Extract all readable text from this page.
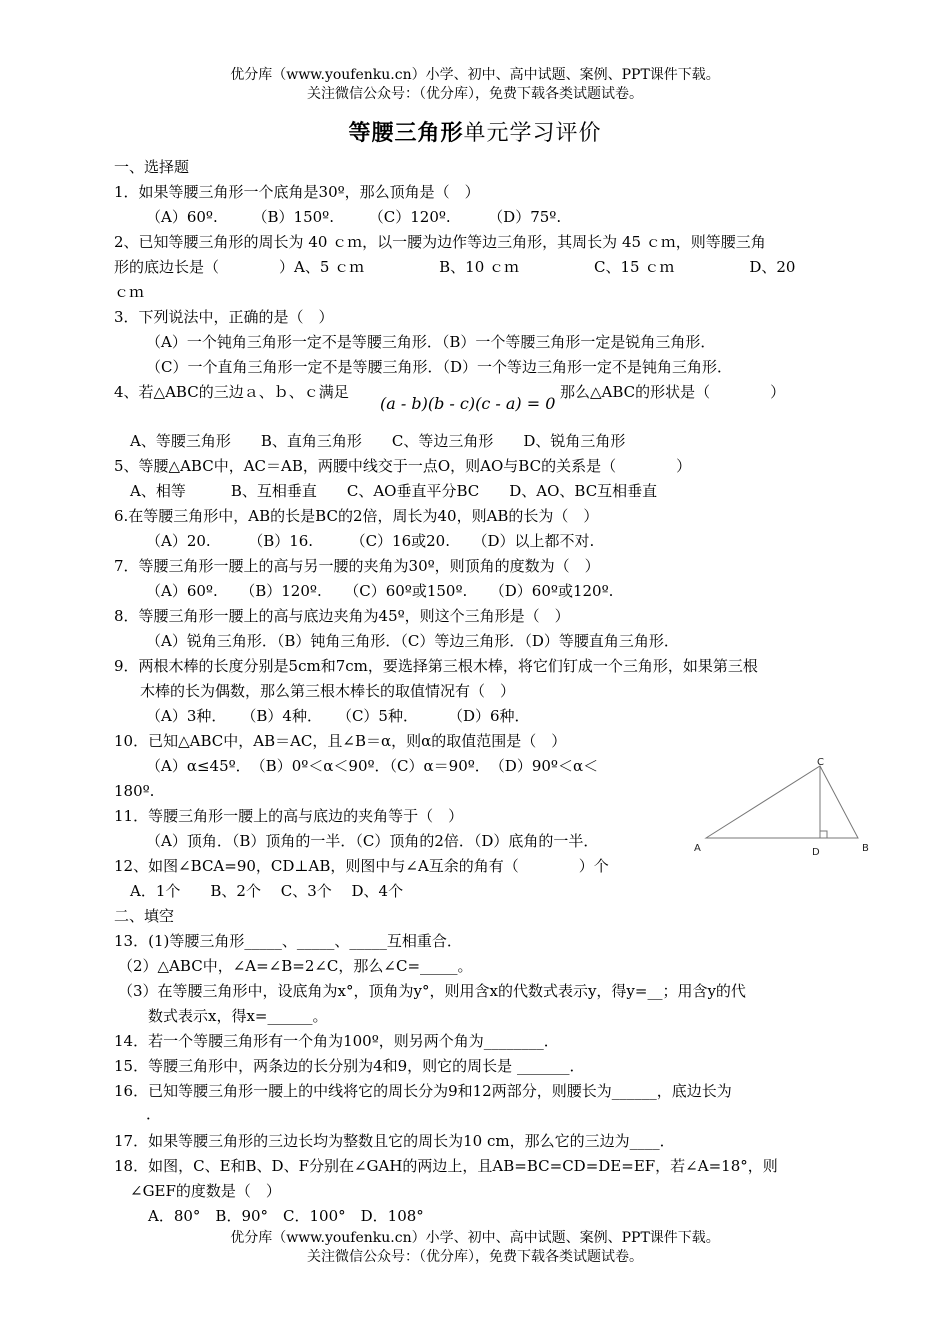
优分库（www.youfenku.cn）小学、初中、高中试题、案例、PPT课件下载。
关注微信公众号：（优分库），免费下载各类试题试卷。
等腰三角形单元学习评价
一、选择题
1．如果等腰三角形一个底角是30º，那么顶角是（　）
（A）60º.　　 （B）150º.　　 （C）120º.　　　（D）75º.
2、已知等腰三角形的周长为 40 ｃｍ，以一腰为边作等边三角形，其周长为 45 ｃｍ，则等腰三角
形的底边长是（　　　　）A、5 ｃｍ　　　　　B、10 ｃｍ　　　　　C、15 ｃｍ　　　　　D、20
ｃｍ
3．下列说法中，正确的是（　）
（A）一个钝角三角形一定不是等腰三角形．（B）一个等腰三角形一定是锐角三角形．
（C）一个直角三角形一定不是等腰三角形．（D）一个等边三角形一定不是钝角三角形．
4、若△ABC的三边ａ、ｂ、ｃ满足
(a - b)(b - c)(c - a) = 0
那么△ABC的形状是（　　　　）
A、等腰三角形　　B、直角三角形　　C、等边三角形　　D、锐角三角形
5、等腰△ABC中，AC＝AB，两腰中线交于一点O，则AO与BC的关系是（　　　　）
A、相等　　　B、互相垂直　　C、AO垂直平分BC　　D、AO、BC互相垂直
6.在等腰三角形中，AB的长是BC的2倍，周长为40，则AB的长为（　）
（A）20.　　　（B）16.　　　（C）16或20.　　（D）以上都不对.
7．等腰三角形一腰上的高与另一腰的夹角为30º，则顶角的度数为（　）
（A）60º.　　（B）120º.　　（C）60º或150º.　　（D）60º或120º.
8．等腰三角形一腰上的高与底边夹角为45º，则这个三角形是（　）
（A）锐角三角形．（B）钝角三角形．（C）等边三角形．（D）等腰直角三角形．
9．两根木棒的长度分别是5cm和7cm，要选择第三根木棒，将它们钉成一个三角形，如果第三根
木棒的长为偶数，那么第三根木棒长的取值情况有（　）
（A）3种．　　（B）4种．　　（C）5种．　　　（D）6种．
10．已知△ABC中，AB＝AC，且∠B＝α，则α的取值范围是（　）
（A）α≤45º．　（B）0º＜α＜90º．（C）α＝90º．　（D）90º＜α＜
180º.
11．等腰三角形一腰上的高与底边的夹角等于（　）
（A）顶角．（B）顶角的一半．（C）顶角的2倍．（D）底角的一半．
12、如图∠BCA=90，CD⊥AB，则图中与∠A互余的角有（　　　　）个
A．1个　　B、2个　 C、3个　 D、4个
二、填空
13．(1)等腰三角形_____、_____、_____互相重合．
（2）△ABC中，∠A=∠B=2∠C，那么∠C=_____。
（3）在等腰三角形中，设底角为x°，顶角为y°，则用含x的代数式表示y，得y=__；用含y的代
数式表示x，得x=______。
14．若一个等腰三角形有一个角为100º，则另两个角为________．
15．等腰三角形中，两条边的长分别为4和9，则它的周长是 _______．
16．已知等腰三角形一腰上的中线将它的周长分为9和12两部分，则腰长为______，底边长为
．
17．如果等腰三角形的三边长均为整数且它的周长为10 cm，那么它的三边为____．
18．如图，C、E和B、D、F分别在∠GAH的两边上，且AB=BC=CD=DE=EF，若∠A=18°，则
∠GEF的度数是（　）
A．80°　B．90°　C．100°　D．108°
C
A	D	B
优分库（www.youfenku.cn）小学、初中、高中试题、案例、PPT课件下载。
关注微信公众号：（优分库），免费下载各类试题试卷。
